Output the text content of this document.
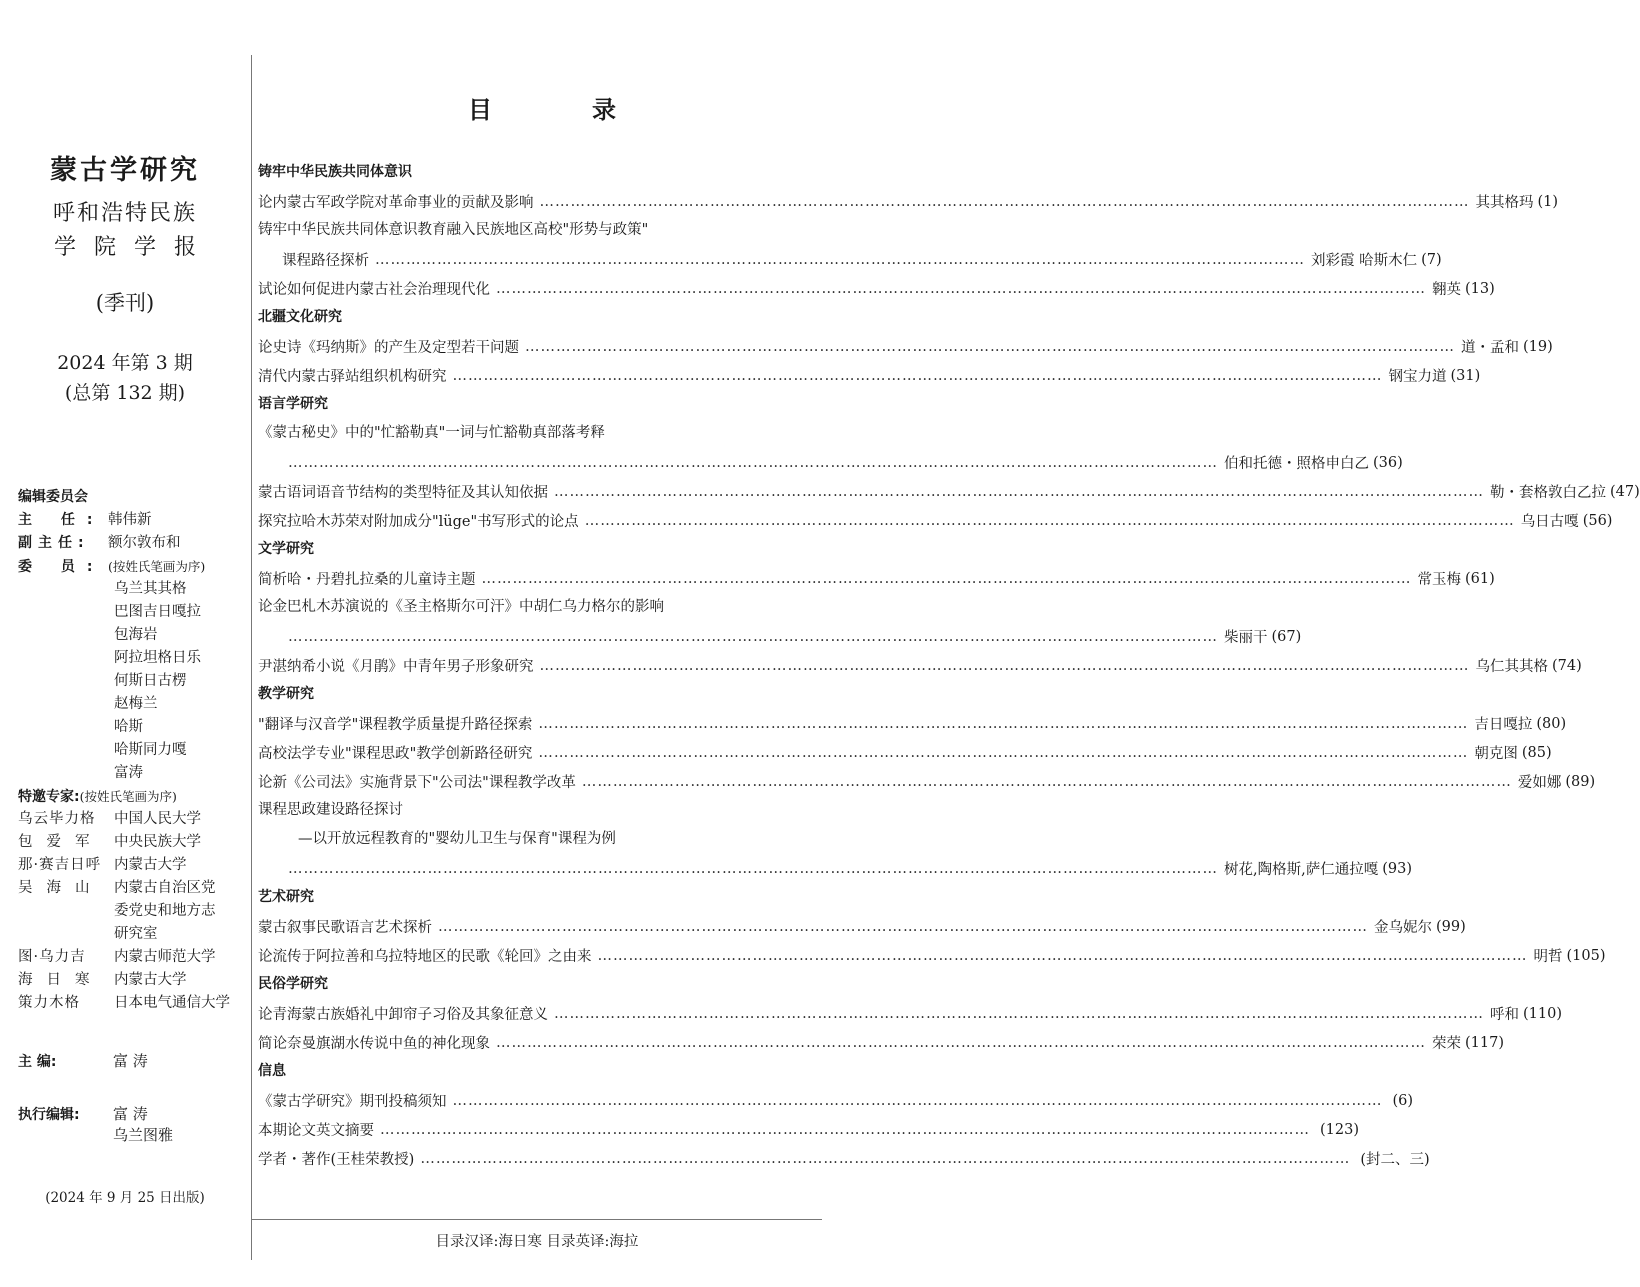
蒙古学研究
呼和浩特民族
学院学报
(季刊)
2024 年第 3 期
(总第 132 期)
编辑委员会
主 任: 韩伟新
副主任: 额尔敦布和
委 员: (按姓氏笔画为序)
乌兰其其格
巴图吉日嘎拉
包海岩
阿拉坦格日乐
何斯日古楞
赵梅兰
哈斯
哈斯同力嘎
富涛
特邀专家:(按姓氏笔画为序)
乌云毕力格 中国人民大学
包爱军 中央民族大学
那·赛吉日呼 内蒙古大学
吴海山 内蒙古自治区党
委党史和地方志
研究室
图·乌力吉 内蒙古师范大学
海日寒 内蒙古大学
策力木格 日本电气通信大学
主 编:	富 涛
执行编辑: 富 涛
乌兰图雅
(2024 年 9 月 25 日出版)
目录
铸牢中华民族共同体意识
论内蒙古军政学院对革命事业的贡献及影响 ……………………………………………………………………………………………………………………………………………………………… 其其格玛 (1)
铸牢中华民族共同体意识教育融入民族地区高校"形势与政策"
课程路径探析 ……………………………………………………………………………………………………………………………………………………………… 刘彩霞 哈斯木仁 (7)
试论如何促进内蒙古社会治理现代化 ……………………………………………………………………………………………………………………………………………………………… 翱英 (13)
北疆文化研究
论史诗《玛纳斯》的产生及定型若干问题 ……………………………………………………………………………………………………………………………………………………………… 道・孟和 (19)
清代内蒙古驿站组织机构研究 ……………………………………………………………………………………………………………………………………………………………… 钢宝力道 (31)
语言学研究
《蒙古秘史》中的"忙豁勒真"一词与忙豁勒真部落考释
……………………………………………………………………………………………………………………………………………………………… 伯和托德・照格申白乙 (36)
蒙古语词语音节结构的类型特征及其认知依据 ……………………………………………………………………………………………………………………………………………………………… 勒・套格敦白乙拉 (47)
探究拉哈木苏荣对附加成分"lüge"书写形式的论点 ……………………………………………………………………………………………………………………………………………………………… 乌日古嘎 (56)
文学研究
简析哈・丹碧扎拉桑的儿童诗主题 ……………………………………………………………………………………………………………………………………………………………… 常玉梅 (61)
论金巴札木苏演说的《圣主格斯尔可汗》中胡仁乌力格尔的影响
……………………………………………………………………………………………………………………………………………………………… 柴丽干 (67)
尹湛纳希小说《月鹃》中青年男子形象研究 ……………………………………………………………………………………………………………………………………………………………… 乌仁其其格 (74)
教学研究
"翻译与汉音学"课程教学质量提升路径探索 ……………………………………………………………………………………………………………………………………………………………… 吉日嘎拉 (80)
高校法学专业"课程思政"教学创新路径研究 ……………………………………………………………………………………………………………………………………………………………… 朝克图 (85)
论新《公司法》实施背景下"公司法"课程教学改革 ……………………………………………………………………………………………………………………………………………………………… 爱如娜 (89)
课程思政建设路径探讨
—以开放远程教育的"婴幼儿卫生与保育"课程为例
……………………………………………………………………………………………………………………………………………………………… 树花,陶格斯,萨仁通拉嘎 (93)
艺术研究
蒙古叙事民歌语言艺术探析 ……………………………………………………………………………………………………………………………………………………………… 金乌妮尔 (99)
论流传于阿拉善和乌拉特地区的民歌《轮回》之由来 ……………………………………………………………………………………………………………………………………………………………… 明哲 (105)
民俗学研究
论青海蒙古族婚礼中卸帘子习俗及其象征意义 ……………………………………………………………………………………………………………………………………………………………… 呼和 (110)
简论奈曼旗湖水传说中鱼的神化现象 ……………………………………………………………………………………………………………………………………………………………… 荣荣 (117)
信息
《蒙古学研究》期刊投稿须知 ……………………………………………………………………………………………………………………………………………………………… (6)
本期论文英文摘要 ……………………………………………………………………………………………………………………………………………………………… (123)
学者・著作(王桂荣教授) ……………………………………………………………………………………………………………………………………………………………… (封二、三)
目录汉译:海日寒 目录英译:海拉
